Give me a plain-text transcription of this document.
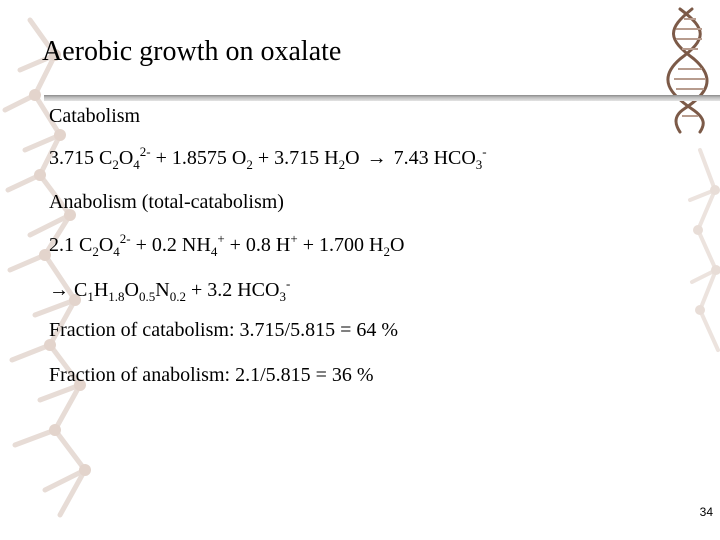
Aerobic growth on oxalate
Catabolism
3.715 $C_2O_4^{2-} + 1.8575$ $O_2 + 3.715$ $H_2O \to 7.43$ $HCO_3^-$
Anabolism (total-catabolism)
2.1 $C_2O_4^{2-} + 0.2$ $NH_4^+ + 0.8$ H+ + 1.700 $H_2O$
→ $C_1H_{1.8}O_{0.5}N_{0.2} + 3.2$ $HCO_3^-$
Fraction of catabolism: 3.715/5.815 = 64 %
Fraction of anabolism: 2.1/5.815 = 36 %
34
